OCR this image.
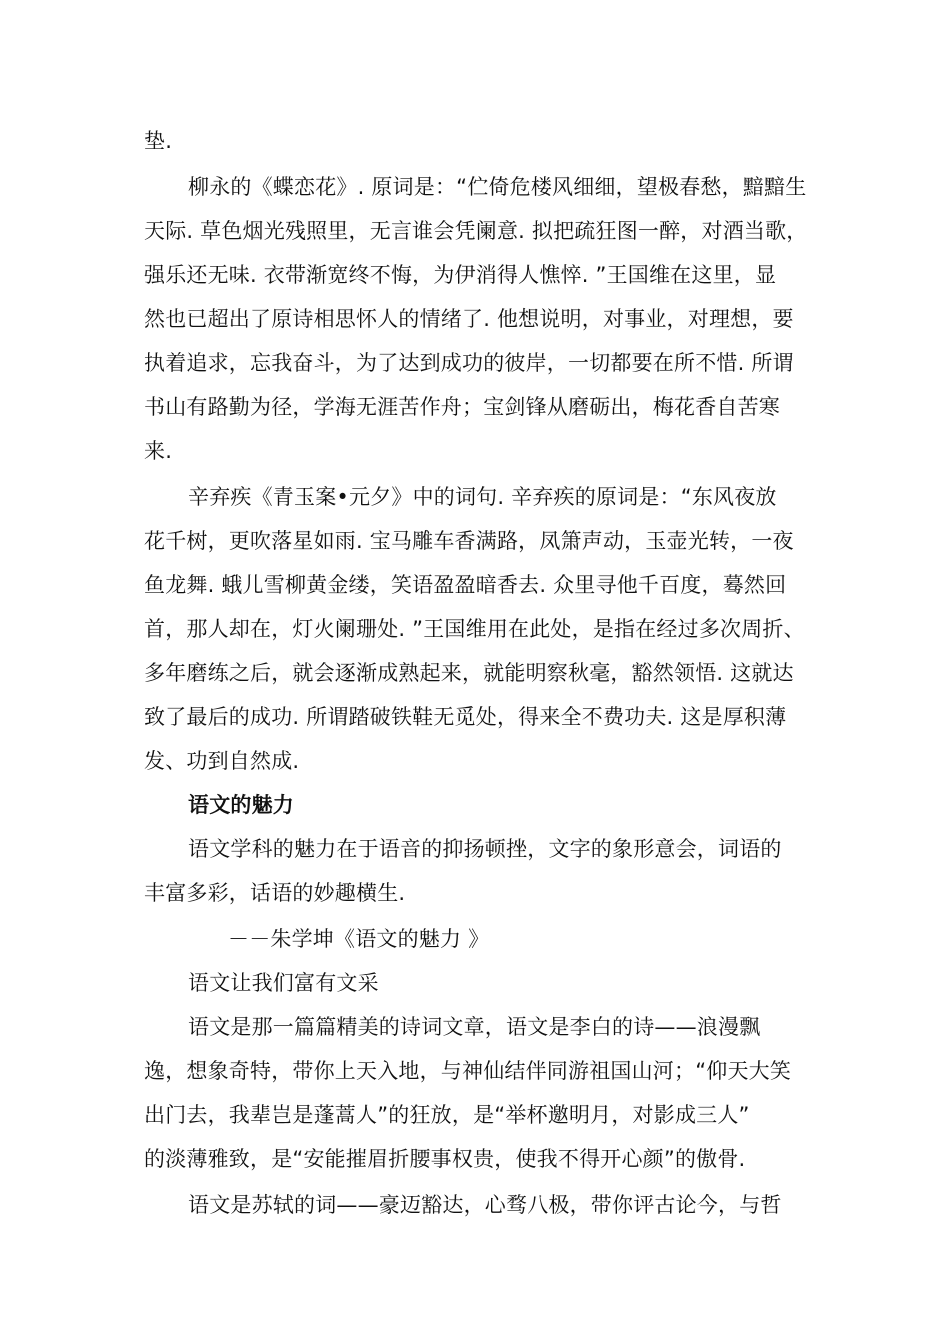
垫.
柳永的《蝶恋花》. 原词是：“伫倚危楼风细细，望极春愁，黯黯生
天际. 草色烟光残照里，无言谁会凭阑意. 拟把疏狂图一醉，对酒当歌，
强乐还无味. 衣带渐宽终不悔，为伊消得人憔悴. ”王国维在这里，显
然也已超出了原诗相思怀人的情绪了. 他想说明，对事业，对理想，要
执着追求，忘我奋斗，为了达到成功的彼岸，一切都要在所不惜. 所谓
书山有路勤为径，学海无涯苦作舟；宝剑锋从磨砺出，梅花香自苦寒
来.
辛弃疾《青玉案•元夕》中的词句. 辛弃疾的原词是：“东风夜放
花千树，更吹落星如雨. 宝马雕车香满路，凤箫声动，玉壶光转，一夜
鱼龙舞. 蛾儿雪柳黄金缕，笑语盈盈暗香去. 众里寻他千百度，蓦然回
首，那人却在，灯火阑珊处. ”王国维用在此处，是指在经过多次周折、
多年磨练之后，就会逐渐成熟起来，就能明察秋毫，豁然领悟. 这就达
致了最后的成功. 所谓踏破铁鞋无觅处，得来全不费功夫. 这是厚积薄
发、功到自然成.
语文的魅力
语文学科的魅力在于语音的抑扬顿挫，文字的象形意会，词语的
丰富多彩，话语的妙趣横生.
－－朱学坤《语文的魅力 》
语文让我们富有文采
语文是那一篇篇精美的诗词文章，语文是李白的诗——浪漫飘
逸，想象奇特，带你上天入地，与神仙结伴同游祖国山河；“仰天大笑
出门去，我辈岂是蓬蒿人”的狂放，是“举杯邀明月，对影成三人”
的淡薄雅致，是“安能摧眉折腰事权贵，使我不得开心颜”的傲骨.
语文是苏轼的词——豪迈豁达，心骛八极，带你评古论今，与哲
